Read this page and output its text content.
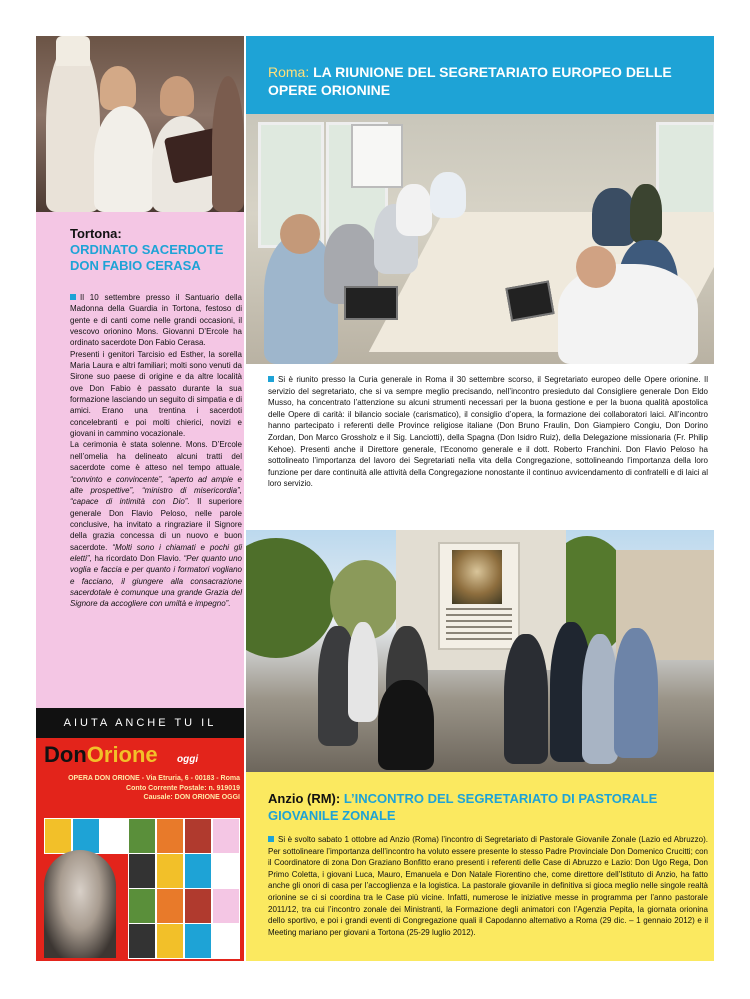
Tortona:
ORDINATO SACERDOTE DON FABIO CERASA
Il 10 settembre presso il Santuario della Madonna della Guardia in Tortona, festoso di gente e di canti come nelle grandi occasioni, il vescovo orionino Mons. Giovanni D’Ercole ha ordinato sacerdote Don Fabio Cerasa.
Presenti i genitori Tarcisio ed Esther, la sorella Maria Laura e altri familiari; molti sono venuti da Sirone suo paese di origine e da altre località ove Don Fabio è passato durante la sua formazione lasciando un seguito di simpatia e di amici. Erano una trentina i sacerdoti concelebranti e poi molti chierici, novizi e giovani in cammino vocazionale.
La cerimonia è stata solenne. Mons. D’Ercole nell’omelia ha delineato alcuni tratti del sacerdote come è atteso nel tempo attuale, “convinto e convincente”, “aperto ad ampie e alte prospettive”, “ministro di misericordia”, “capace di intimità con Dio”. Il superiore generale Don Flavio Peloso, nelle parole conclusive, ha invitato a ringraziare il Signore della grazia concessa di un nuovo e buon sacerdote. “Molti sono i chiamati e pochi gli eletti”, ha ricordato Don Flavio. “Per quanto uno voglia e faccia e per quanto i formatori vogliano e facciano, il giungere alla consacrazione sacerdotale è comunque una grande Grazia del Signore da accogliere con umiltà e impegno”.
AIUTA ANCHE TU IL
DonOrione oggi
OPERA DON ORIONE - Via Etruria, 6 - 00183 - Roma
Conto Corrente Postale: n. 919019
Causale: DON ORIONE OGGI
Roma: LA RIUNIONE DEL SEGRETARIATO EUROPEO DELLE OPERE ORIONINE
Si è riunito presso la Curia generale in Roma il 30 settembre scorso, il Segretariato europeo delle Opere orionine. Il servizio del segretariato, che si va sempre meglio precisando, nell’incontro presieduto dal Consigliere generale Don Eldo Musso, ha concentrato l’attenzione su alcuni strumenti necessari per la buona gestione e per la buona qualità apostolica delle Opere di carità: il bilancio sociale (carismatico), il consiglio d’opera, la formazione dei collaboratori laici. All’incontro hanno partecipato i referenti delle Province religiose italiane (Don Bruno Fraulin, Don Giampiero Congiu, Don Dorino Zordan, Don Marco Grossholz e il Sig. Lanciotti), della Spagna (Don Isidro Ruiz), della Delegazione missionaria (Fr. Philip Kehoe). Presenti anche il Direttore generale, l’Economo generale e il dott. Roberto Franchini. Don Flavio Peloso ha sottolineato l’importanza del lavoro dei Segretariati nella vita della Congregazione, sottolineando l’importanza della loro funzione per dare continuità alle attività della Congregazione nonostante il continuo avvicendamento di confratelli e di laici al loro servizio.
Anzio (RM): L’INCONTRO DEL SEGRETARIATO DI PASTORALE GIOVANILE ZONALE
Si è svolto sabato 1 ottobre ad Anzio (Roma) l’incontro di Segretariato di Pastorale Giovanile Zonale (Lazio ed Abruzzo). Per sottolineare l’importanza dell’incontro ha voluto essere presente lo stesso Padre Provinciale Don Domenico Crucitti; con il Coordinatore di zona Don Graziano Bonfitto erano presenti i referenti delle Case di Abruzzo e Lazio: Don Ugo Rega, Don Primo Coletta, i giovani Luca, Mauro, Emanuela e Don Natale Fiorentino che, come direttore dell’Istituto di Anzio, ha fatto anche gli onori di casa per l’accoglienza e la logistica. La pastorale giovanile in definitiva si gioca meglio nelle singole realtà orionine se ci si coordina tra le Case più vicine. Infatti, numerose le iniziative messe in programma per l’anno pastorale 2011/12, tra cui l’incontro zonale dei Ministranti, la Formazione degli animatori con l’Agenzia Pepita, la giornata orionina dello sportivo, e poi i grandi eventi di Congregazione quali il Capodanno alternativo a Roma (29 dic. – 1 gennaio 2012) e il Meeting mariano per giovani a Tortona (25-29 luglio 2012).
